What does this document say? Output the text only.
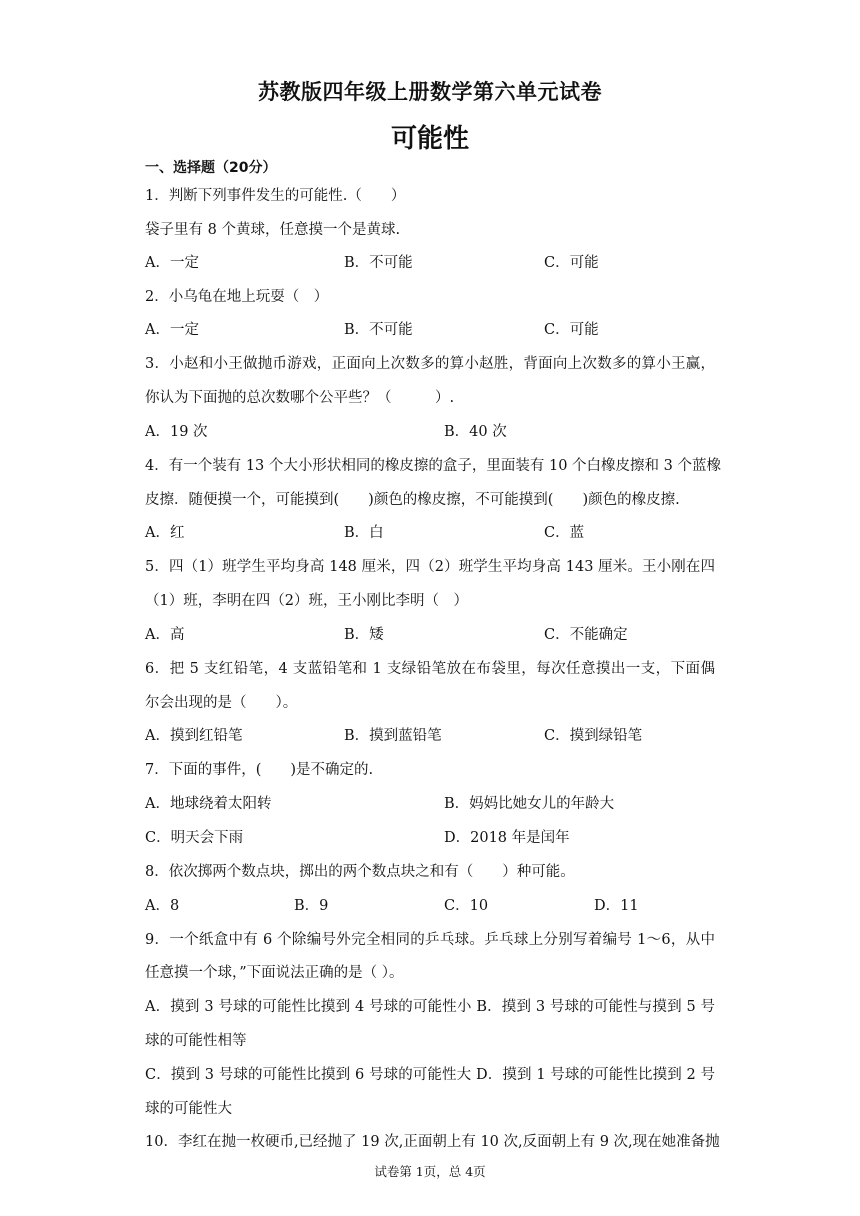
苏教版四年级上册数学第六单元试卷
可能性
一、选择题（20分）
1．判断下列事件发生的可能性.（　　）
袋子里有 8 个黄球，任意摸一个是黄球.
A．一定	B．不可能	C．可能
2．小乌龟在地上玩耍（　）
A．一定	B．不可能	C．可能
3．小赵和小王做抛币游戏，正面向上次数多的算小赵胜，背面向上次数多的算小王赢，
你认为下面抛的总次数哪个公平些？（　　　）.
A．19 次	B．40 次
4．有一个装有 13 个大小形状相同的橡皮擦的盒子，里面装有 10 个白橡皮擦和 3 个蓝橡
皮擦．随便摸一个，可能摸到(　　)颜色的橡皮擦，不可能摸到(　　)颜色的橡皮擦.
A．红	B．白	C．蓝
5．四（1）班学生平均身高 148 厘米，四（2）班学生平均身高 143 厘米。王小刚在四
（1）班，李明在四（2）班，王小刚比李明（　）
A．高	B．矮	C．不能确定
6．把 5 支红铅笔，4 支蓝铅笔和 1 支绿铅笔放在布袋里，每次任意摸出一支，下面偶
尔会出现的是（　　）。
A．摸到红铅笔	B．摸到蓝铅笔	C．摸到绿铅笔
7．下面的事件，(　　)是不确定的.
A．地球绕着太阳转	B．妈妈比她女儿的年龄大
C．明天会下雨	D．2018 年是闰年
8．依次掷两个数点块，掷出的两个数点块之和有（　　）种可能。
A．8	B．9	C．10	D．11
9．一个纸盒中有 6 个除编号外完全相同的乒乓球。乒乓球上分别写着编号 1～6，从中
任意摸一个球，”下面说法正确的是（ ）。
A．摸到 3 号球的可能性比摸到 4 号球的可能性小 B．摸到 3 号球的可能性与摸到 5 号
球的可能性相等
C．摸到 3 号球的可能性比摸到 6 号球的可能性大 D．摸到 1 号球的可能性比摸到 2 号
球的可能性大
10．李红在抛一枚硬币,已经抛了 19 次,正面朝上有 10 次,反面朝上有 9 次,现在她准备抛
试卷第 1页，总 4页
